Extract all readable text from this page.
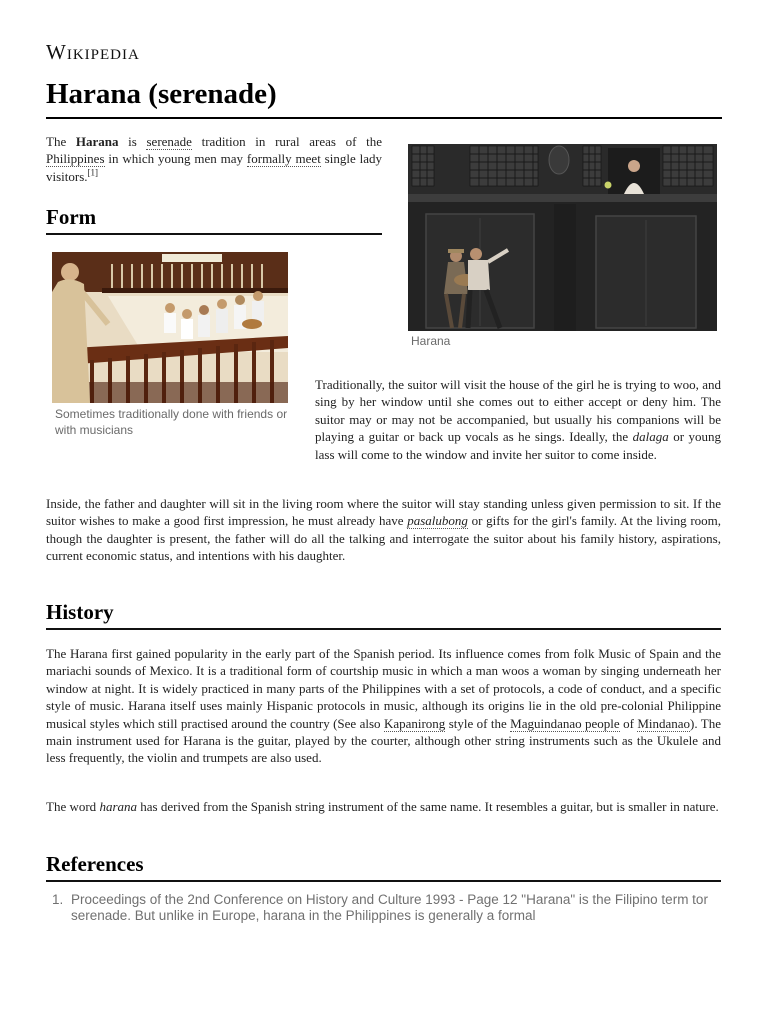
Wikipedia
Harana (serenade)

The Harana is serenade tradition in rural areas of the Philippines in which young men may formally meet single lady visitors.[1]

Form
Harana
Sometimes traditionally done with friends or with musicians

Traditionally, the suitor will visit the house of the girl he is trying to woo, and sing by her window until she comes out to either accept or deny him. The suitor may or may not be accompanied, but usually his companions will be playing a guitar or back up vocals as he sings. Ideally, the dalaga or young lass will come to the window and invite her suitor to come inside.

Inside, the father and daughter will sit in the living room where the suitor will stay standing unless given permission to sit. If the suitor wishes to make a good first impression, he must already have pasalubong or gifts for the girl's family. At the living room, though the daughter is present, the father will do all the talking and interrogate the suitor about his family history, aspirations, current economic status, and intentions with his daughter.

History

The Harana first gained popularity in the early part of the Spanish period. Its influence comes from folk Music of Spain and the mariachi sounds of Mexico. It is a traditional form of courtship music in which a man woos a woman by singing underneath her window at night. It is widely practiced in many parts of the Philippines with a set of protocols, a code of conduct, and a specific style of music. Harana itself uses mainly Hispanic protocols in music, although its origins lie in the old pre-colonial Philippine musical styles which still practised around the country (See also Kapanirong style of the Maguindanao people of Mindanao). The main instrument used for Harana is the guitar, played by the courter, although other string instruments such as the Ukulele and less frequently, the violin and trumpets are also used.

The word harana has derived from the Spanish string instrument of the same name. It resembles a guitar, but is smaller in nature.

References
1. Proceedings of the 2nd Conference on History and Culture 1993 - Page 12 "Harana" is the Filipino term tor serenade. But unlike in Europe, harana in the Philippines is generally a formal
